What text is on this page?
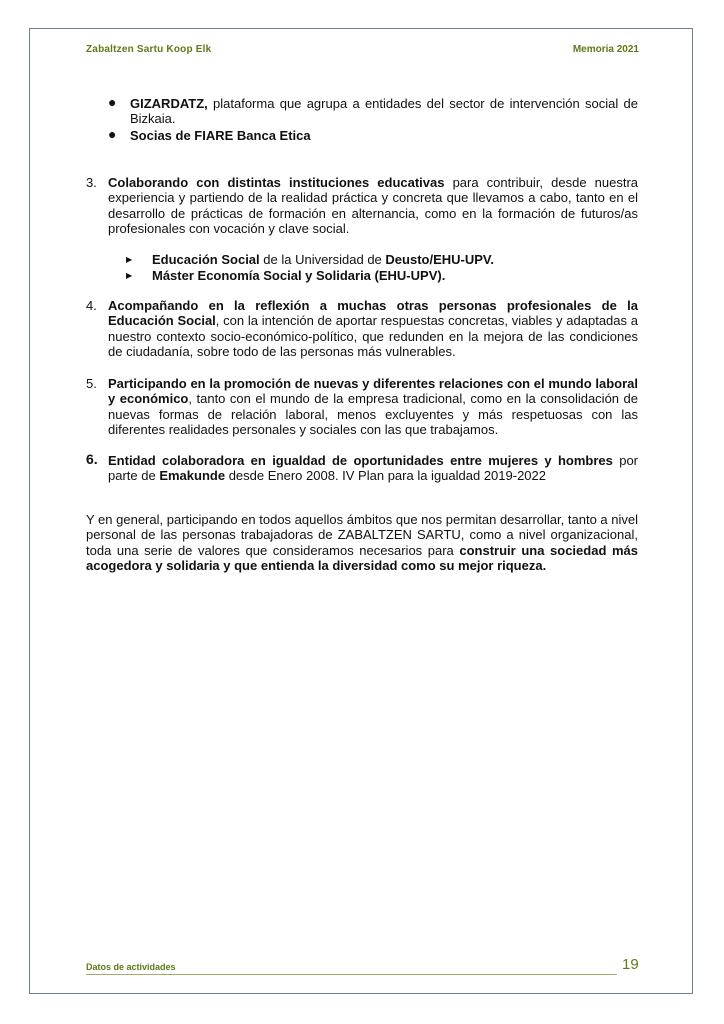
Zabaltzen Sartu Koop Elk	Memoria 2021
● GIZARDATZ, plataforma que agrupa a entidades del sector de intervención social de Bizkaia.
● Socias de FIARE Banca Etica
3. Colaborando con distintas instituciones educativas para contribuir, desde nuestra experiencia y partiendo de la realidad práctica y concreta que llevamos a cabo, tanto en el desarrollo de prácticas de formación en alternancia, como en la formación de futuros/as profesionales con vocación y clave social.
▶ Educación Social de la Universidad de Deusto/EHU-UPV.
▶ Máster Economía Social y Solidaria (EHU-UPV).
4. Acompañando en la reflexión a muchas otras personas profesionales de la Educación Social, con la intención de aportar respuestas concretas, viables y adaptadas a nuestro contexto socio-económico-político, que redunden en la mejora de las condiciones de ciudadanía, sobre todo de las personas más vulnerables.
5. Participando en la promoción de nuevas y diferentes relaciones con el mundo laboral y económico, tanto con el mundo de la empresa tradicional, como en la consolidación de nuevas formas de relación laboral, menos excluyentes y más respetuosas con las diferentes realidades personales y sociales con las que trabajamos.
6. Entidad colaboradora en igualdad de oportunidades entre mujeres y hombres por parte de Emakunde desde Enero 2008. IV Plan para la igualdad 2019-2022
Y en general, participando en todos aquellos ámbitos que nos permitan desarrollar, tanto a nivel personal de las personas trabajadoras de ZABALTZEN SARTU, como a nivel organizacional, toda una serie de valores que consideramos necesarios para construir una sociedad más acogedora y solidaria y que entienda la diversidad como su mejor riqueza.
Datos de actividades	19
